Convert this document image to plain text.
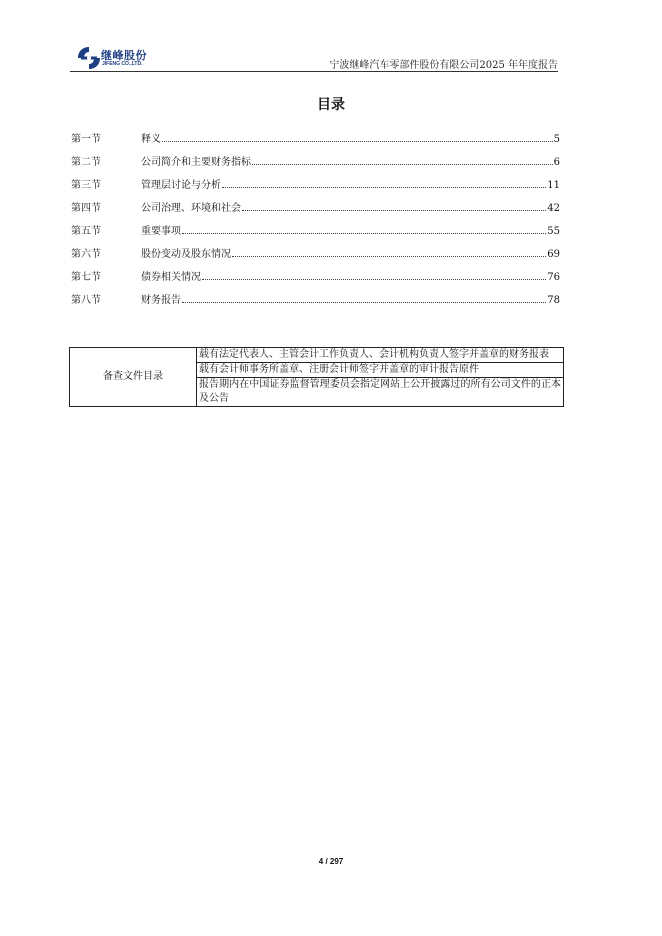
继峰股份
JIFENG CO.,LTD.	宁波继峰汽车零部件股份有限公司2025 年年度报告
目录
第一节	释义	5
第二节	公司简介和主要财务指标	6
第三节	管理层讨论与分析	11
第四节	公司治理、环境和社会	42
第五节	重要事项	55
第六节	股份变动及股东情况	69
第七节	债券相关情况	76
第八节	财务报告	78
备查文件目录	载有法定代表人、主管会计工作负责人、会计机构负责人签字并盖章的财务报表
载有会计师事务所盖章、注册会计师签字并盖章的审计报告原件
报告期内在中国证券监督管理委员会指定网站上公开披露过的所有公司文件的正本及公告
4 / 297
